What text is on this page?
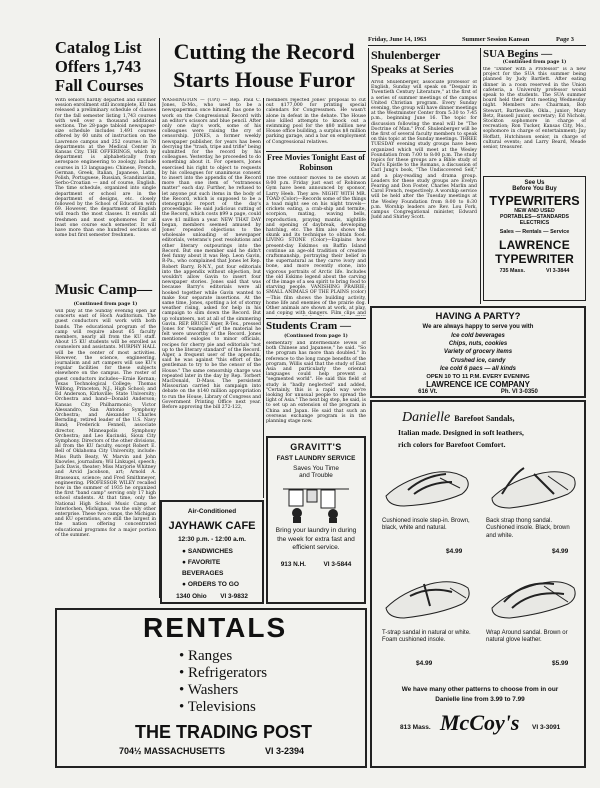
Friday, June 14, 1963	Summer Session Kansan	Page 3
Catalog List Offers 1,743 Fall Courses
With seniors hardly departed and summer session enrollment still incomplete, KU has released a preliminary schedule of classes for the fall semester listing 1,743 courses with well over a thousand additional sections. The 28-page tabloid newspaper-size schedule includes 1,491 courses offered by 60 units of instruction on the Lawrence campus and 252 courses in 78 departments at the Medical Center in Kansas City. THE OFFERINGS, which by department is alphabetically from aerospace engineering to zoology, include courses in 13 languages: Chinese, French, German, Greek, Italian, Japanese, Latin, Polish, Portuguese, Russian, Scandinavian, Serbo-Croatian — and of course, English. The time schedule, organized into single department or school are in the department of designs, etc. closely followed by the School of Education with 69. However, the department of English will reach the most classes. It enrolls all freshmen and most sophomores for at least one course each semester. It will have more than one hundred sections of some but first semester freshmen.
Music Camp—
(Continued from page 1)
will play at the Sunday evening open air concerts east of Hoch Auditorium. The guest conductors will work with both bands. The educational program of the camp will require about 65 faculty members, nearly all from the KU staff. About 15 KU students will be enrolled as counselors and assistants. MURPHY HALL will be the center of most activities. However, the science, engineering, journalism and art campers will use KU's regular facilities for these subjects elsewhere on the campus. The roster of guest conductors includes—Ernie Kernan; Texas Technological College; Thomas Wilfong, Princeton, N.J., High School; and Ed Anderson, Kirksville; State University; Orchestra and band—Donald Anderson; Kansas City Philharmonic; Victor Alessandro, San Antonio Symphony Orchestra; and Alexander Charles Bernding, retired leader of the U.S. Navy Band; Frederick Fennell, associate director, Minneapolis Symphony Orchestra; and Leo Kucinski, Sioux City Symphony. Directors of the other divisions, all from the KU faculty, except Robert E. Bell of Oklahoma City University, include: Miss Ruth Beaty, W. Marvin and John Knowles, journalism; Wil Linkugel, speech; Jack Davis, theater; Miss Marjorie Whitney and Arvid Jacobson, art; Arnold A. Brasseaux, science; and Fred Smithmeyer, engineering. PROFESSOR WILEY recalled how in the summer of 1935 he organized the first "band camp" serving only 17 high school students. At that time, only the National High School Music Camp at Interlochen, Michigan, was the only other enterprise. These two camps, the Michigan and KU operations, are still the largest in the nation offering concentrated educational programs for a major portion of the summer.
Cutting the Record Starts House Furor
WASHINGTON — (UPI) — Rep. Paul C. Jones, D-Mo., who used to be a newspaperman once himself, has gone to work on the Congressional Record with an editor's scissors and blue pencil. After only one day's work, some of his colleagues were raising the cry of censorship. JONES, a former weekly newspaper publisher, for years has been decrying the "trash, tripe and trifle" being submitted for the record by his colleagues. Yesterday, he proceeded to do something about it. For openers, Jones exercised his right to object to requests by his colleagues for unanimous consent to insert into the appendix of the Record more than one item of "extraneous matter" each day. Further, he refused to let anyone put such items in the body of the Record, which is supposed to be a stenographic report of the day's proceedings. He said judicious cutting of the Record, which costs $99 a page, could save $1 million a year. NEW THAT DAY began, members seemed amused by Jones' repeated objections to the wholesale unloading of newspaper editorials, veterans's post resolutions and other literary outpourings into the Record. But one member said he didn't feel funny about it was Rep. Leon Gavin, R-Pa., who complained that Jones let Rep. Robert Barry, R-N.Y., put four editorials into the appendix without objection, but wouldn't allow Gavin to insert four newspaper stories. Jones said that was because Barry's editorials were all hooked together while Gavin wanted to make four separate insertions. At the same time, Jones, spotting a lot of stormy weather rising, asked for help in his campaign to slim down the Record. But up volunteers, not at all of the simmering Gavin. REP. BRUCE Alger, R-Tex., pressed Jones for "examples" of the material he felt were unworthy of the Record. Jones mentioned eulogies to minor officials, recipes for cherry pie and editorials "not up to the literary standard" of the Record. Alger, a frequent user of the appendix, said he was against "this effort of the gentleman to try to be the censor of the House." The same censorship charge was repeated later in the day by Rep. Torbert MacDonald, D-Mass. The persistent Missourian carried his campaign into debate on the $140 million appropriation to run the House, Library of Congress and Government Printing Office next year. Before approving the bill 272-122,
members rejected Jones' proposal to cut out $177,000 for printing special calendars for Congressmen. He wasn't alone in defeat in the debate. The House also killed attempts to knock out a swimming pool for the $80 million new House office building, a surplus $8 million parking garage, and a bar on employment of Congressional relatives.
Free Movies Tonight East of Robinson
The free outdoor movies to be shown at 8:00 p.m. Friday just east of Robinson Gym have been announced by sponsor, Larry Heeb. They are: NIGHT WITH MR. TOAD (Color)—Records some of the things a toad might see on his night travels—crickets eating, a crab-ship and termite, scorpion, mating, waving bells, reproduction, praying mantis, nightlife and opening of daybreak, developing hatching, etc. The film also shows the skunk and its technique to obtain food. LIVING STONE (Color)—Explains how present-day Eskimos on Baffin Island continue an age-old tradition of creative craftsmanship, portraying their belief in the supernatural as they carve ivory and bone, and more recently stone, into vigorous portraits of Arctic life. Includes the old Eskimo legend about the carving of the image of a sea spirit to bring food to starving people. VANISHING PRAIRIE; SMALL ANIMALS OF THE PLAINS (color)—This film shows the building activity, home life and enemies of the prairie dog. Other animals are shown at work, at play, and coping with dangers. Film clips and
Students Cram —
(Continued from page 1)
elementary and intermediate levels of both Chinese and Japanese," he said. "So the program has more than doubled." In reference to the long range benefits of the program, Willis said that the study of East Asia and particularly the oriental languages could help prevent a "segmented world". He said this field of study is "badly neglected" and added, "Certainly, this is a rapid way we're looking for unusual people to spread the light of Asia." The next big step, he said, is to set up an extension of the program in China and Japan. He said that such an overseas exchange program is in the planning stage now.
Shulenberger Speaks at Series
Arvid Shulenberger, associate professor of English, Sunday will speak on "Despair in Twentieth Century Literature," at the first of a series of summer meetings of the campus United Christian program. Every Sunday evening, the group will have dinner meetings at the Westminster Center from 5:30 to 7:45 p.m., beginning June 16. The topic for discussion following the meal will be "The Doctrine of Man." Prof. Shulenberger will be the first of several faculty members to speak on this topic at the Sunday meetings. THREE TUESDAY evening study groups have been organized which will meet at the Wesley Foundation from 7:00 to 8:00 p.m. The study topics for these groups are a Bible study of Paul's Epistle to the Romans, a discussion of Carl Jung's book, "The Undiscovered Self," and a play-reading and drama group. Leaders for these study groups are Evelyn Fearing and Don Foster, Charles Marlin and Carol French, respectively. A worship service will be held after the Tuesday meetings at the Wesley Foundation from 8:00 to 8:30 p.m. Worship leaders are Rev. Lou Fork, campus Congregational minister, Edward Judd and Shirley Scott.
SUA Begins —
(Continued from page 1)
the "Dinner with a Professor" is a new project for the SUA this summer being planned by Judy Bartlett. After eating dinner in a room reserved in the Union cafeteria, a University professor would speak to the students. The SUA summer board held their first meeting Wednesday night. Members are: Chairman, Bob Stewart, Bartlesville, Okla., junior; Mary Betz, Russell junior, secretary; Ed Nichols, Stockton sophomore in charge of recreation; Ron Tucker, Kansas City, Mo., sophomore in charge of entertainment; Jay Hoffatt, Hutchinson senior, in charge of cultural events; and Larry Beard, Meade senior, treasurer.
See Us
Before You Buy
TYPEWRITERS
NEW AND USED
PORTABLES—STANDARDS
ELECTRICS
Sales — Rentals — Service
LAWRENCE
TYPEWRITER
735 Mass.	VI 3-3844
HAVING A PARTY?
We are always happy to serve you with
Ice cold beverages
Chips, nuts, cookies
Variety of grocery items
Crushed ice, candy
Ice cold 6 pacs — all kinds
OPEN 10 TO 11 P.M. EVERY EVENING
LAWRENCE ICE COMPANY
616 Vt.	Ph. VI 3-0350
Danielle Barefoot Sandals,
Italian made. Designed in soft leathers,
rich colors for Barefoot Comfort.
Cushioned insole step-in. Brown, black, white and natural.
$4.99
Back strap thong sandal. Cushioned insole. Black, brown and white.
$4.99
T-strap sandal in natural or white. Foam cushioned insole.
$4.99
Wrap Around sandal. Brown or natural glove leather.
$5.99
We have many other patterns to choose from in our
Danielle line from 3.99 to 7.99
813 Mass. McCoy's VI 3-3091
Air-Conditioned
JAYHAWK CAFE
12:30 p.m. - 12:00 a.m.
● SANDWICHES
● FAVORITE BEVERAGES
● ORDERS TO GO
1340 Ohio VI 3-9832
GRAVITT'S
FAST LAUNDRY SERVICE
Saves You Time
and Trouble
Bring your laundry in during the week for extra fast and efficient service.
913 N.H.	VI 3-5844
RENTALS
• Ranges
• Refrigerators
• Washers
• Televisions
THE TRADING POST
704½ MASSACHUSETTS	VI 3-2394
